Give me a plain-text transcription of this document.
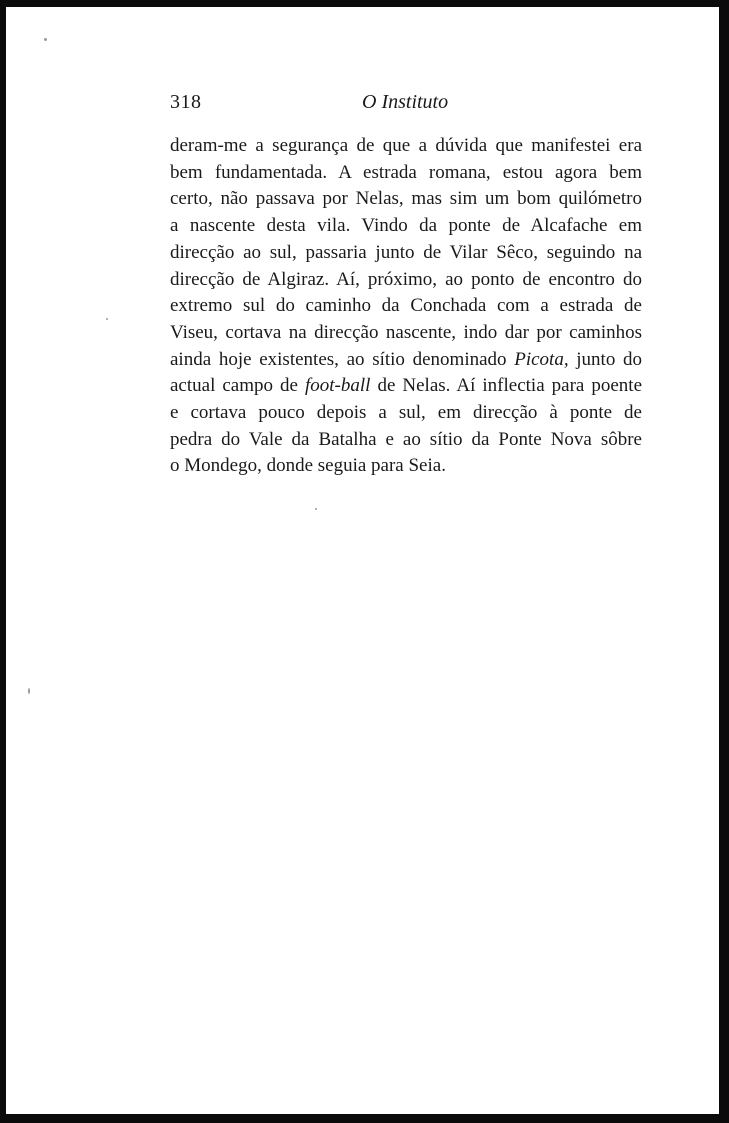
318	O Instituto
deram-me a segurança de que a dúvida que manifestei era
bem fundamentada. A estrada romana, estou agora bem
certo, não passava por Nelas, mas sim um bom quilómetro
a nascente desta vila. Vindo da ponte de Alcafache em
direcção ao sul, passaria junto de Vilar Sêco, seguindo na
direcção de Algiraz. Aí, próximo, ao ponto de encontro do
extremo sul do caminho da Conchada com a estrada de
Viseu, cortava na direcção nascente, indo dar por caminhos
ainda hoje existentes, ao sítio denominado Picota, junto do
actual campo de foot-ball de Nelas. Aí inflectia para poente
e cortava pouco depois a sul, em direcção à ponte de
pedra do Vale da Batalha e ao sítio da Ponte Nova sôbre
o Mondego, donde seguia para Seia.
